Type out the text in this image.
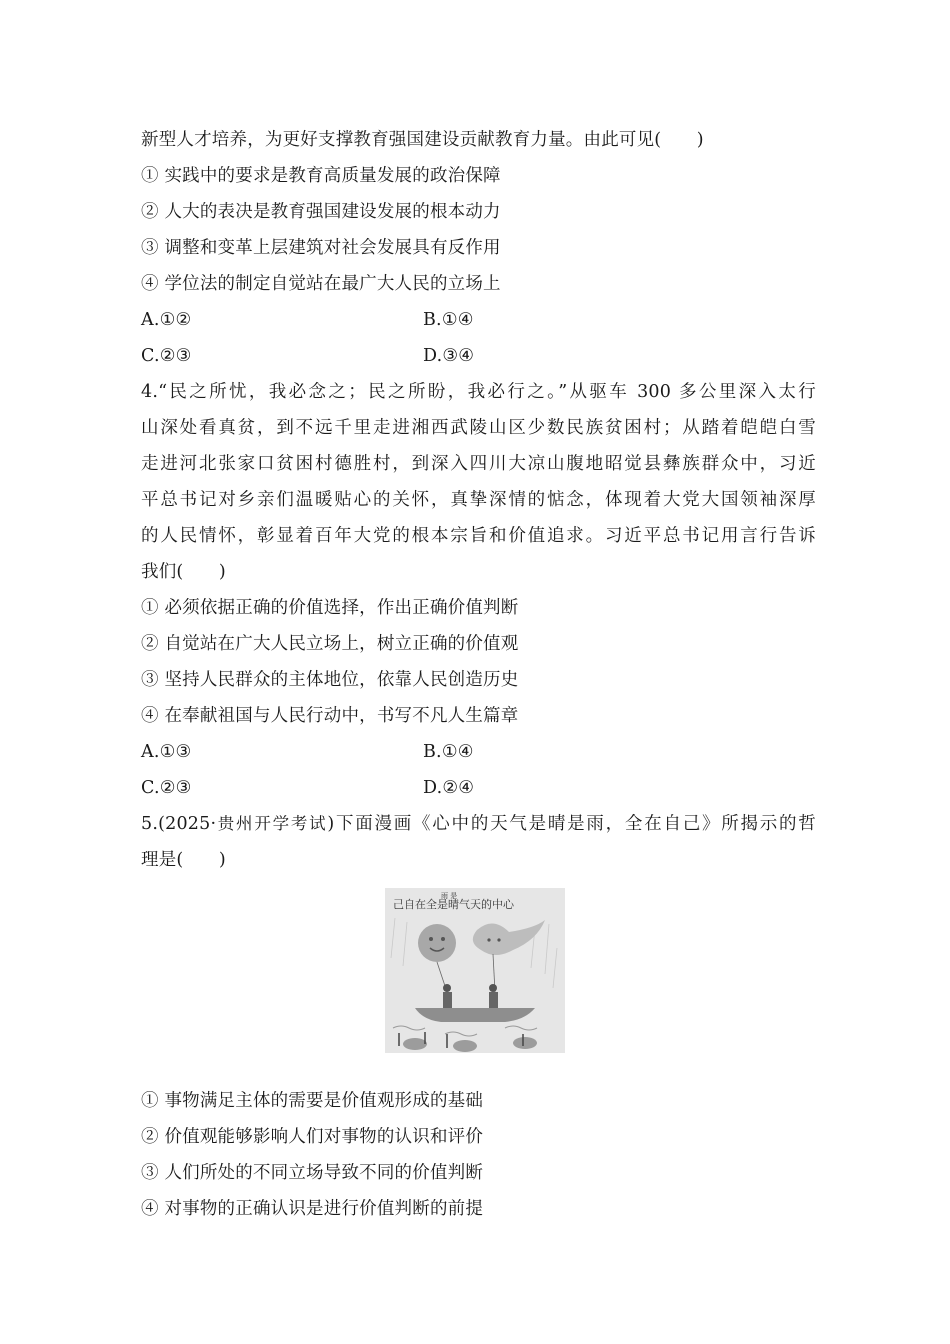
新型人才培养，为更好支撑教育强国建设贡献教育力量。由此可见(　　)
① 实践中的要求是教育高质量发展的政治保障
② 人大的表决是教育强国建设发展的根本动力
③ 调整和变革上层建筑对社会发展具有反作用
④ 学位法的制定自觉站在最广大人民的立场上
A.①②	B.①④
C.②③	D.③④
4.“民之所忧，我必念之；民之所盼，我必行之。”从驱车 300 多公里深入太行
山深处看真贫，到不远千里走进湘西武陵山区少数民族贫困村；从踏着皑皑白雪
走进河北张家口贫困村德胜村，到深入四川大凉山腹地昭觉县彝族群众中，习近
平总书记对乡亲们温暖贴心的关怀，真挚深情的惦念，体现着大党大国领袖深厚
的人民情怀，彰显着百年大党的根本宗旨和价值追求。习近平总书记用言行告诉
我们(　　)
① 必须依据正确的价值选择，作出正确价值判断
② 自觉站在广大人民立场上，树立正确的价值观
③ 坚持人民群众的主体地位，依靠人民创造历史
④ 在奉献祖国与人民行动中，书写不凡人生篇章
A.①③	B.①④
C.②③	D.②④
5.(2025·贵州开学考试)下面漫画《心中的天气是晴是雨，全在自己》所揭示的哲
理是(　　)
己自在全是晴气天的中心
雨 是
① 事物满足主体的需要是价值观形成的基础
② 价值观能够影响人们对事物的认识和评价
③ 人们所处的不同立场导致不同的价值判断
④ 对事物的正确认识是进行价值判断的前提
